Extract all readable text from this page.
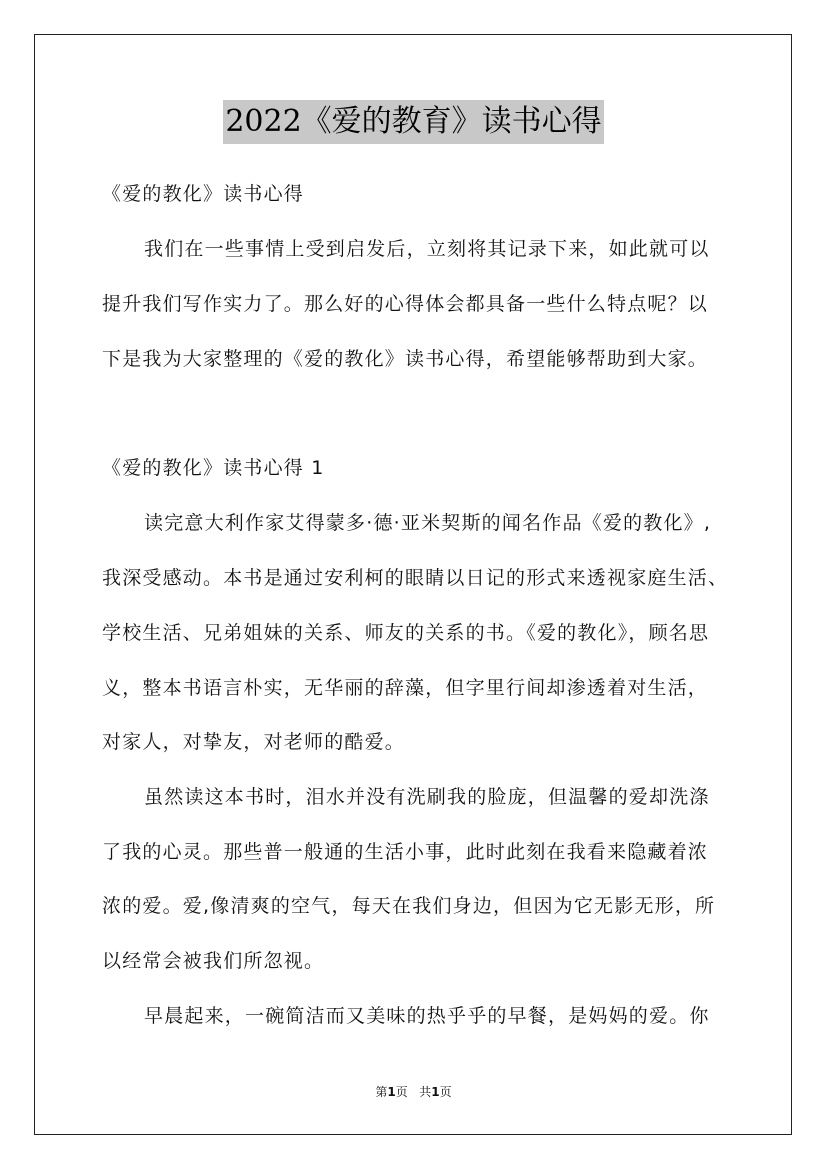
2022《爱的教育》读书心得
《爱的教化》读书心得
我们在一些事情上受到启发后，立刻将其记录下来，如此就可以
提升我们写作实力了。那么好的心得体会都具备一些什么特点呢？以
下是我为大家整理的《爱的教化》读书心得，希望能够帮助到大家。
《爱的教化》读书心得 1
读完意大利作家艾得蒙多·德·亚米契斯的闻名作品《爱的教化》,
我深受感动。本书是通过安利柯的眼睛以日记的形式来透视家庭生活、
学校生活、兄弟姐妹的关系、师友的关系的书。《爱的教化》，顾名思
义，整本书语言朴实，无华丽的辞藻，但字里行间却渗透着对生活，
对家人，对挚友，对老师的酷爱。
虽然读这本书时，泪水并没有洗刷我的脸庞，但温馨的爱却洗涤
了我的心灵。那些普一般通的生活小事，此时此刻在我看来隐藏着浓
浓的爱。爱,像清爽的空气，每天在我们身边，但因为它无影无形，所
以经常会被我们所忽视。
早晨起来，一碗简洁而又美味的热乎乎的早餐，是妈妈的爱。你
第1页 共1页
